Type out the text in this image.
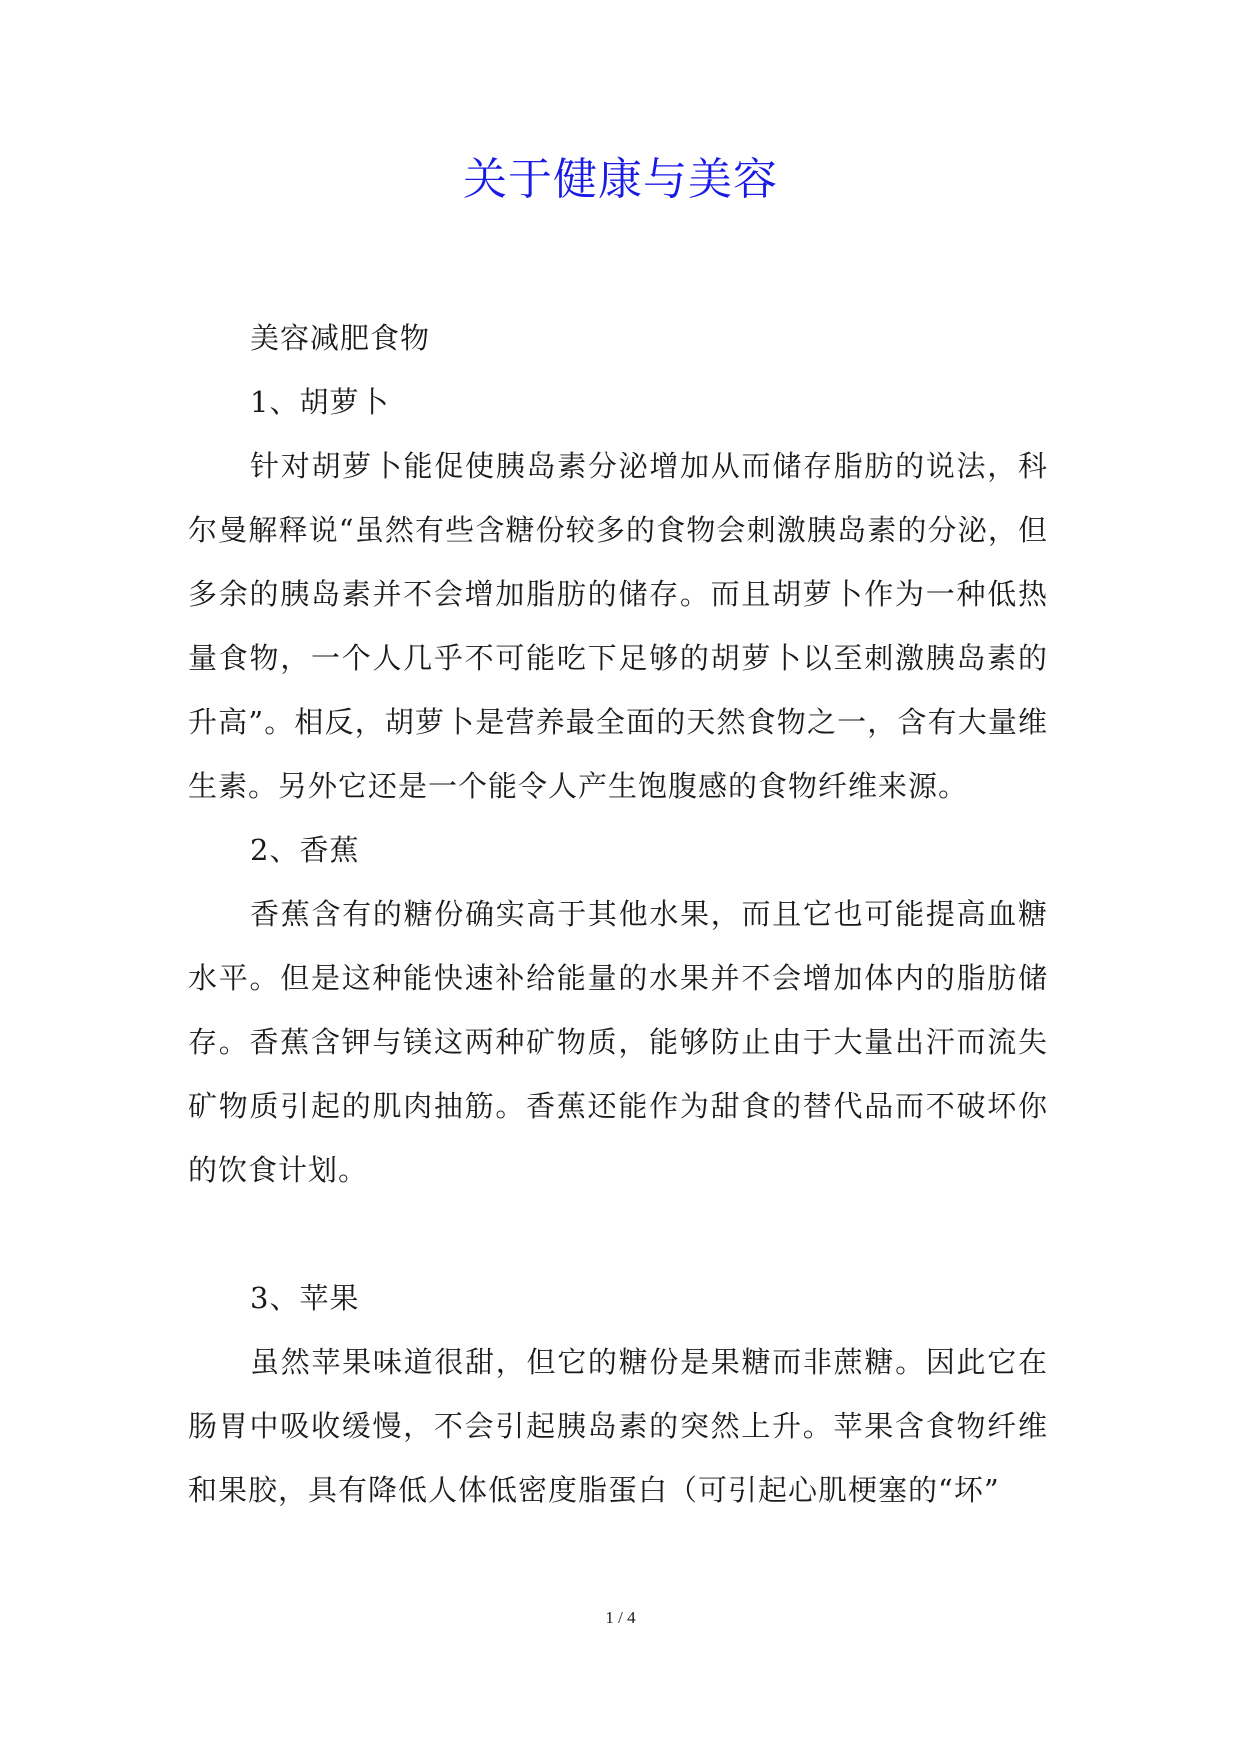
关于健康与美容

美容减肥食物

1、胡萝卜

针对胡萝卜能促使胰岛素分泌增加从而储存脂肪的说法，科尔曼解释说“虽然有些含糖份较多的食物会刺激胰岛素的分泌，但多余的胰岛素并不会增加脂肪的储存。而且胡萝卜作为一种低热量食物，一个人几乎不可能吃下足够的胡萝卜以至刺激胰岛素的升高”。相反，胡萝卜是营养最全面的天然食物之一，含有大量维生素。另外它还是一个能令人产生饱腹感的食物纤维来源。

2、香蕉

香蕉含有的糖份确实高于其他水果，而且它也可能提高血糖水平。但是这种能快速补给能量的水果并不会增加体内的脂肪储存。香蕉含钾与镁这两种矿物质，能够防止由于大量出汗而流失矿物质引起的肌肉抽筋。香蕉还能作为甜食的替代品而不破坏你的饮食计划。

3、苹果

虽然苹果味道很甜，但它的糖份是果糖而非蔗糖。因此它在肠胃中吸收缓慢，不会引起胰岛素的突然上升。苹果含食物纤维和果胶，具有降低人体低密度脂蛋白（可引起心肌梗塞的“坏”

1 / 4
